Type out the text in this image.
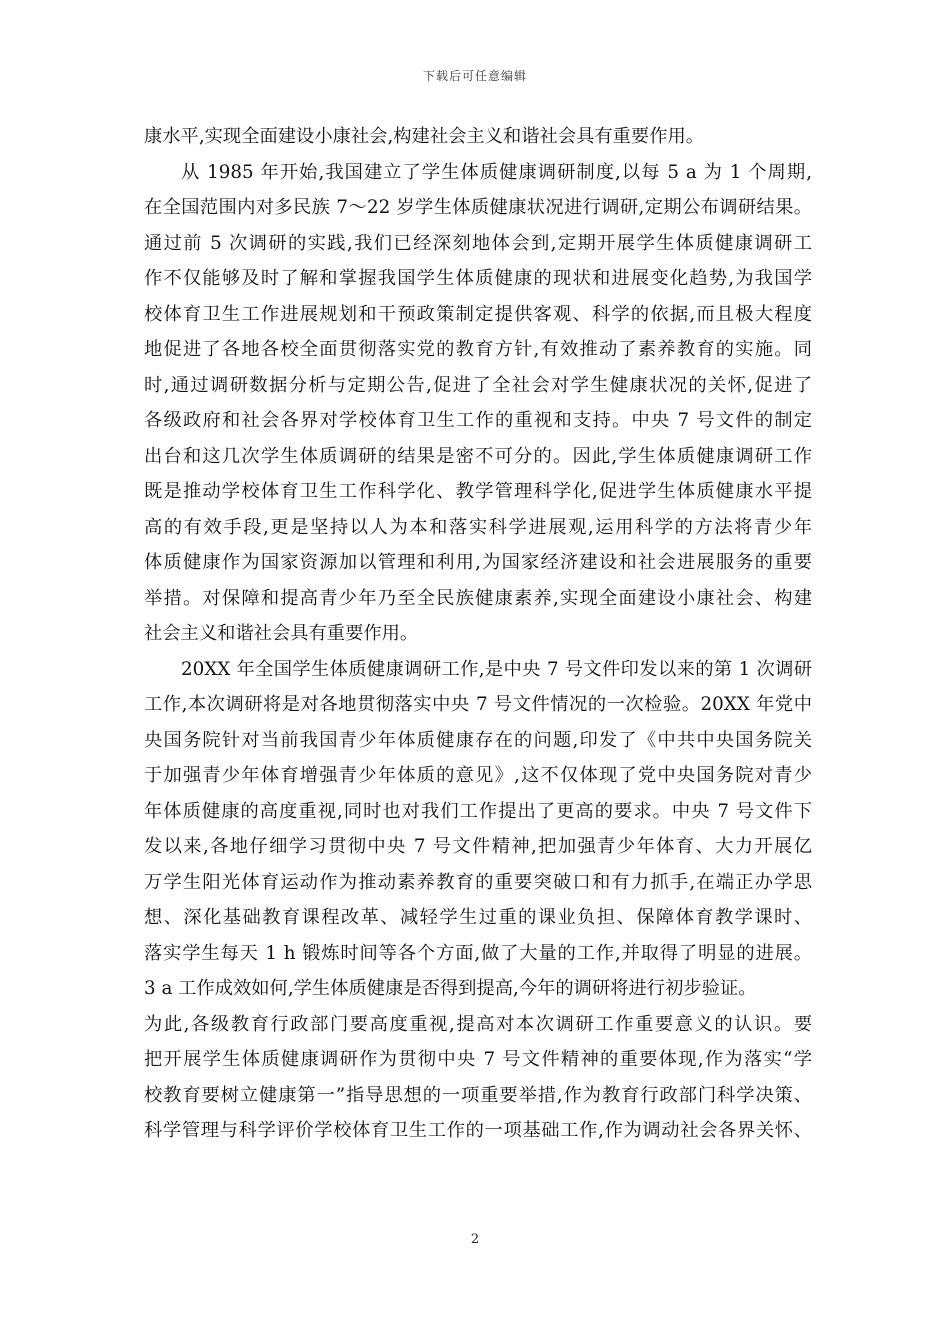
下载后可任意编辑
康水平,实现全面建设小康社会,构建社会主义和谐社会具有重要作用。
从 1985 年开始,我国建立了学生体质健康调研制度,以每 5 a 为 1 个周期,
在全国范围内对多民族 7～22 岁学生体质健康状况进行调研,定期公布调研结果。
通过前 5 次调研的实践,我们已经深刻地体会到,定期开展学生体质健康调研工
作不仅能够及时了解和掌握我国学生体质健康的现状和进展变化趋势,为我国学
校体育卫生工作进展规划和干预政策制定提供客观、科学的依据,而且极大程度
地促进了各地各校全面贯彻落实党的教育方针,有效推动了素养教育的实施。同
时,通过调研数据分析与定期公告,促进了全社会对学生健康状况的关怀,促进了
各级政府和社会各界对学校体育卫生工作的重视和支持。中央 7 号文件的制定
出台和这几次学生体质调研的结果是密不可分的。因此,学生体质健康调研工作
既是推动学校体育卫生工作科学化、教学管理科学化,促进学生体质健康水平提
高的有效手段,更是坚持以人为本和落实科学进展观,运用科学的方法将青少年
体质健康作为国家资源加以管理和利用,为国家经济建设和社会进展服务的重要
举措。对保障和提高青少年乃至全民族健康素养,实现全面建设小康社会、构建
社会主义和谐社会具有重要作用。
20XX 年全国学生体质健康调研工作,是中央 7 号文件印发以来的第 1 次调研
工作,本次调研将是对各地贯彻落实中央 7 号文件情况的一次检验。20XX 年党中
央国务院针对当前我国青少年体质健康存在的问题,印发了《中共中央国务院关
于加强青少年体育增强青少年体质的意见》,这不仅体现了党中央国务院对青少
年体质健康的高度重视,同时也对我们工作提出了更高的要求。中央 7 号文件下
发以来,各地仔细学习贯彻中央 7 号文件精神,把加强青少年体育、大力开展亿
万学生阳光体育运动作为推动素养教育的重要突破口和有力抓手,在端正办学思
想、深化基础教育课程改革、减轻学生过重的课业负担、保障体育教学课时、
落实学生每天 1 h 锻炼时间等各个方面,做了大量的工作,并取得了明显的进展。
3 a 工作成效如何,学生体质健康是否得到提高,今年的调研将进行初步验证。
为此,各级教育行政部门要高度重视,提高对本次调研工作重要意义的认识。要
把开展学生体质健康调研作为贯彻中央 7 号文件精神的重要体现,作为落实“学
校教育要树立健康第一”指导思想的一项重要举措,作为教育行政部门科学决策、
科学管理与科学评价学校体育卫生工作的一项基础工作,作为调动社会各界关怀、
2
